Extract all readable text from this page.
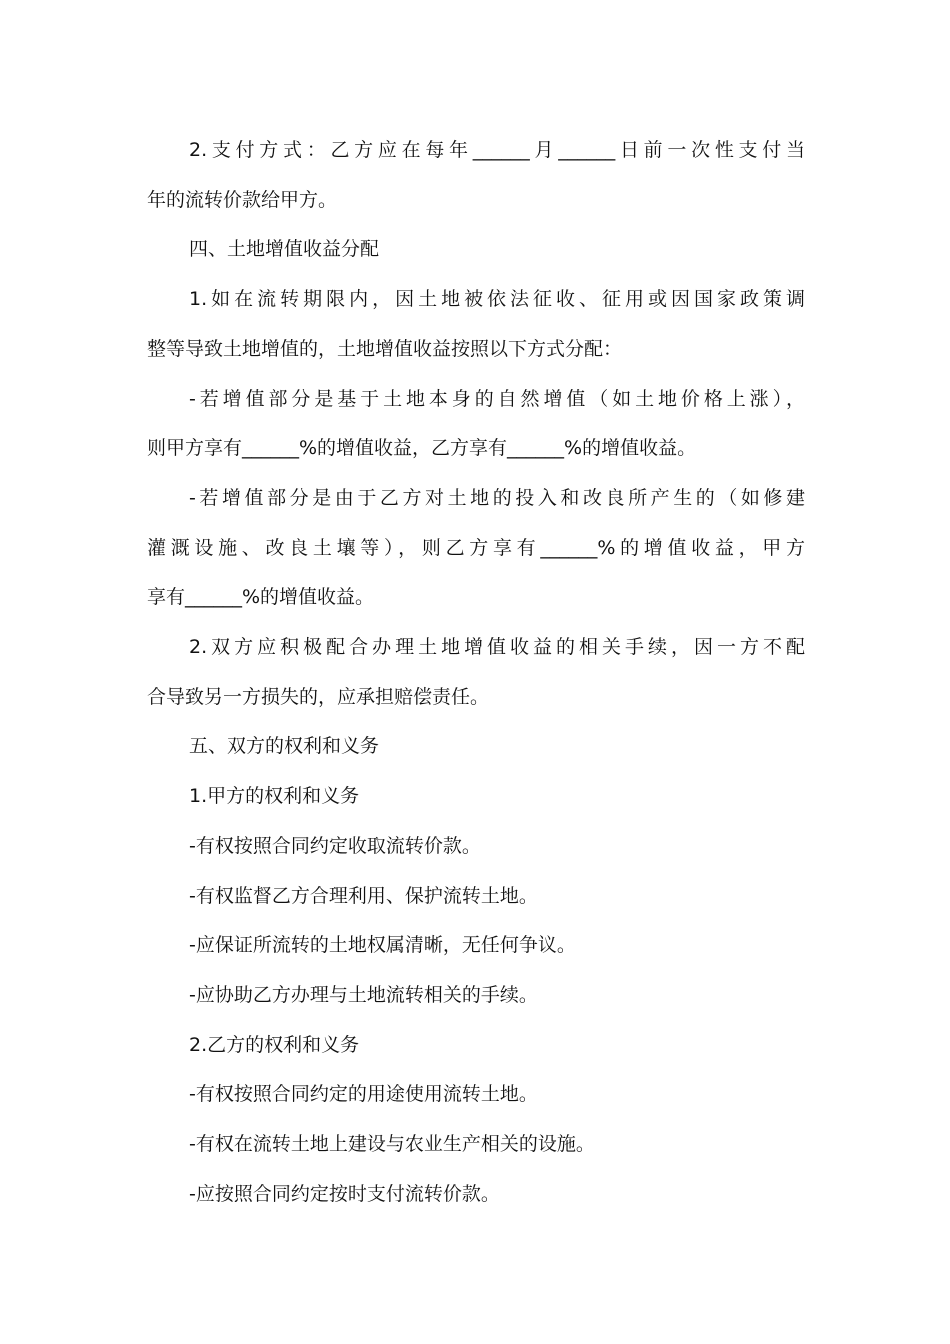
2.支付方式：乙方应在每年______月______日前一次性支付当
年的流转价款给甲方。
四、土地增值收益分配
1.如在流转期限内，因土地被依法征收、征用或因国家政策调
整等导致土地增值的，土地增值收益按照以下方式分配：
-若增值部分是基于土地本身的自然增值（如土地价格上涨），
则甲方享有______%的增值收益，乙方享有______%的增值收益。
-若增值部分是由于乙方对土地的投入和改良所产生的（如修建
灌溉设施、改良土壤等），则乙方享有______%的增值收益，甲方
享有______%的增值收益。
2.双方应积极配合办理土地增值收益的相关手续，因一方不配
合导致另一方损失的，应承担赔偿责任。
五、双方的权利和义务
1.甲方的权利和义务
-有权按照合同约定收取流转价款。
-有权监督乙方合理利用、保护流转土地。
-应保证所流转的土地权属清晰，无任何争议。
-应协助乙方办理与土地流转相关的手续。
2.乙方的权利和义务
-有权按照合同约定的用途使用流转土地。
-有权在流转土地上建设与农业生产相关的设施。
-应按照合同约定按时支付流转价款。
